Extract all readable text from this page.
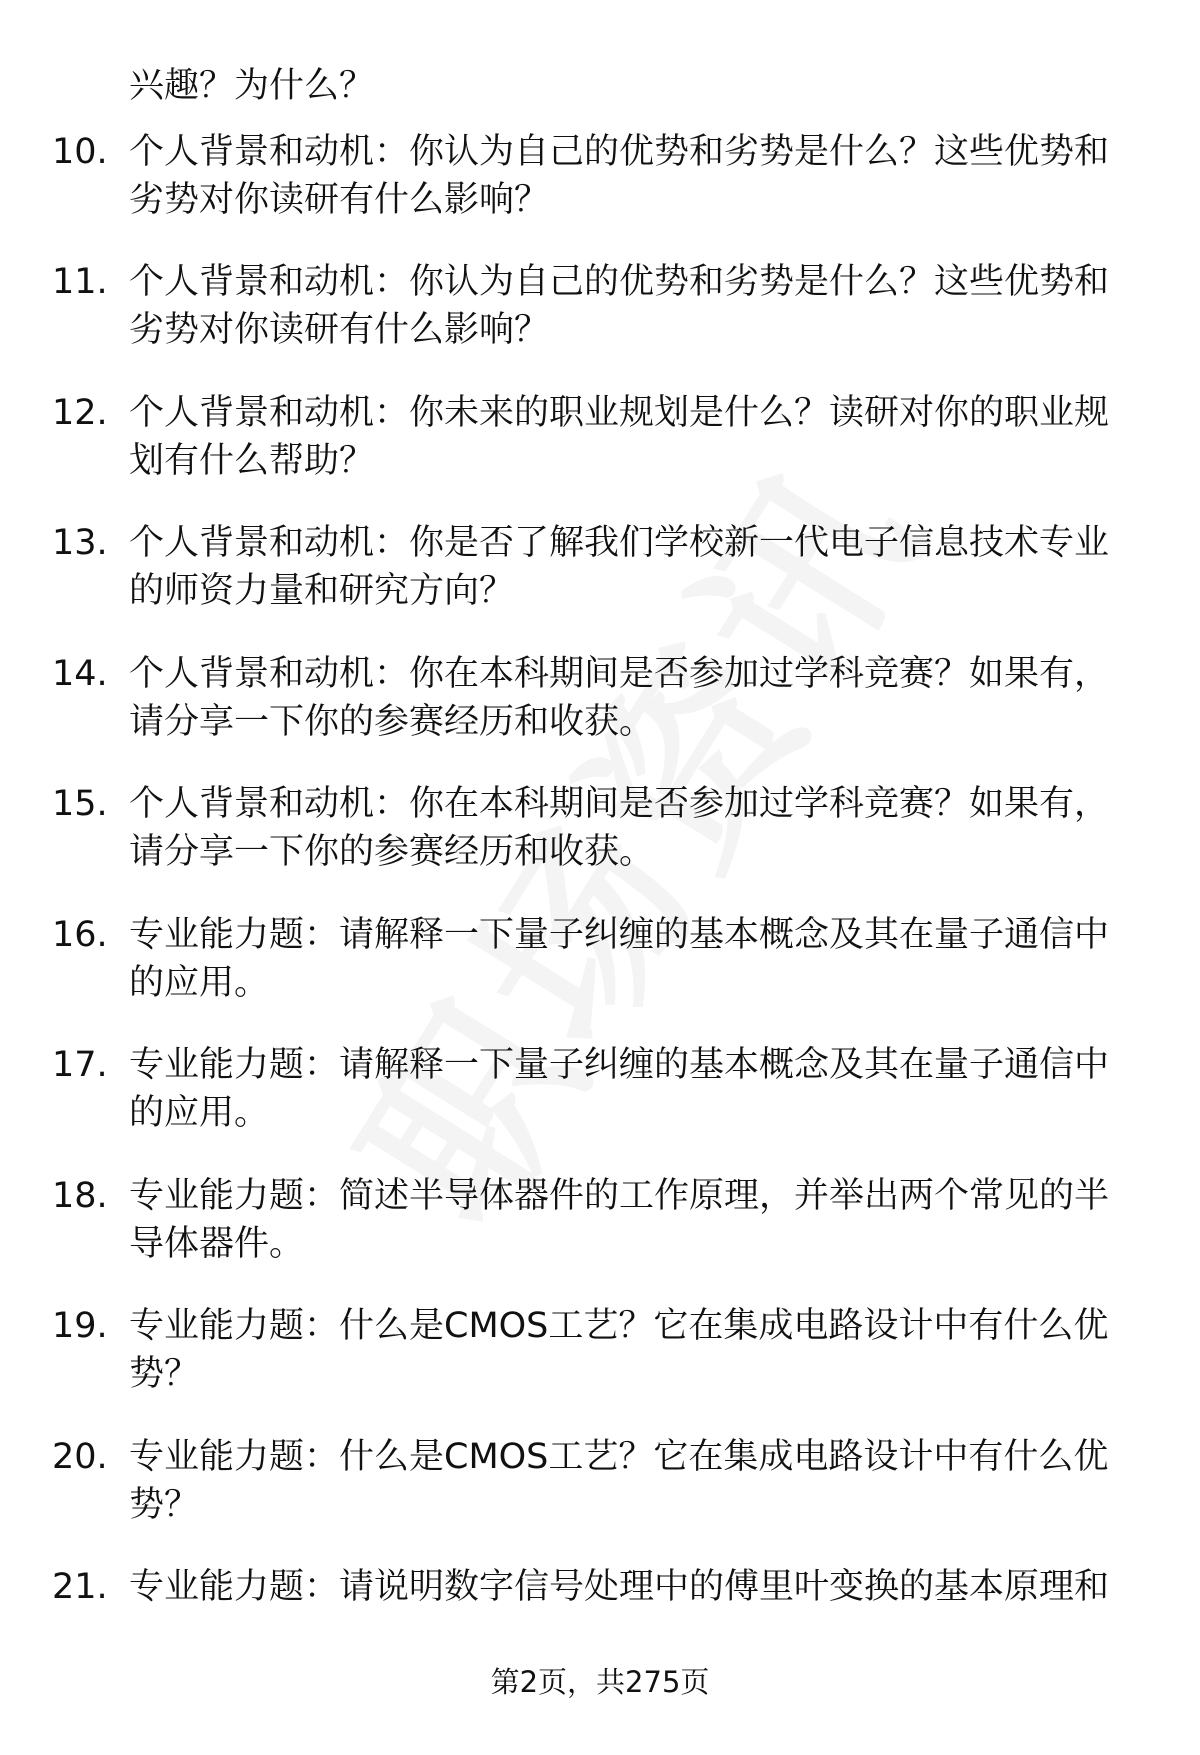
兴趣？为什么？
10. 个人背景和动机：你认为自己的优势和劣势是什么？这些优势和劣势对你读研有什么影响？
11. 个人背景和动机：你认为自己的优势和劣势是什么？这些优势和劣势对你读研有什么影响？
12. 个人背景和动机：你未来的职业规划是什么？读研对你的职业规划有什么帮助？
13. 个人背景和动机：你是否了解我们学校新一代电子信息技术专业的师资力量和研究方向？
14. 个人背景和动机：你在本科期间是否参加过学科竞赛？如果有，请分享一下你的参赛经历和收获。
15. 个人背景和动机：你在本科期间是否参加过学科竞赛？如果有，请分享一下你的参赛经历和收获。
16. 专业能力题：请解释一下量子纠缠的基本概念及其在量子通信中的应用。
17. 专业能力题：请解释一下量子纠缠的基本概念及其在量子通信中的应用。
18. 专业能力题：简述半导体器件的工作原理，并举出两个常见的半导体器件。
19. 专业能力题：什么是CMOS工艺？它在集成电路设计中有什么优势？
20. 专业能力题：什么是CMOS工艺？它在集成电路设计中有什么优势？
21. 专业能力题：请说明数字信号处理中的傅里叶变换的基本原理和
第2页，共275页
